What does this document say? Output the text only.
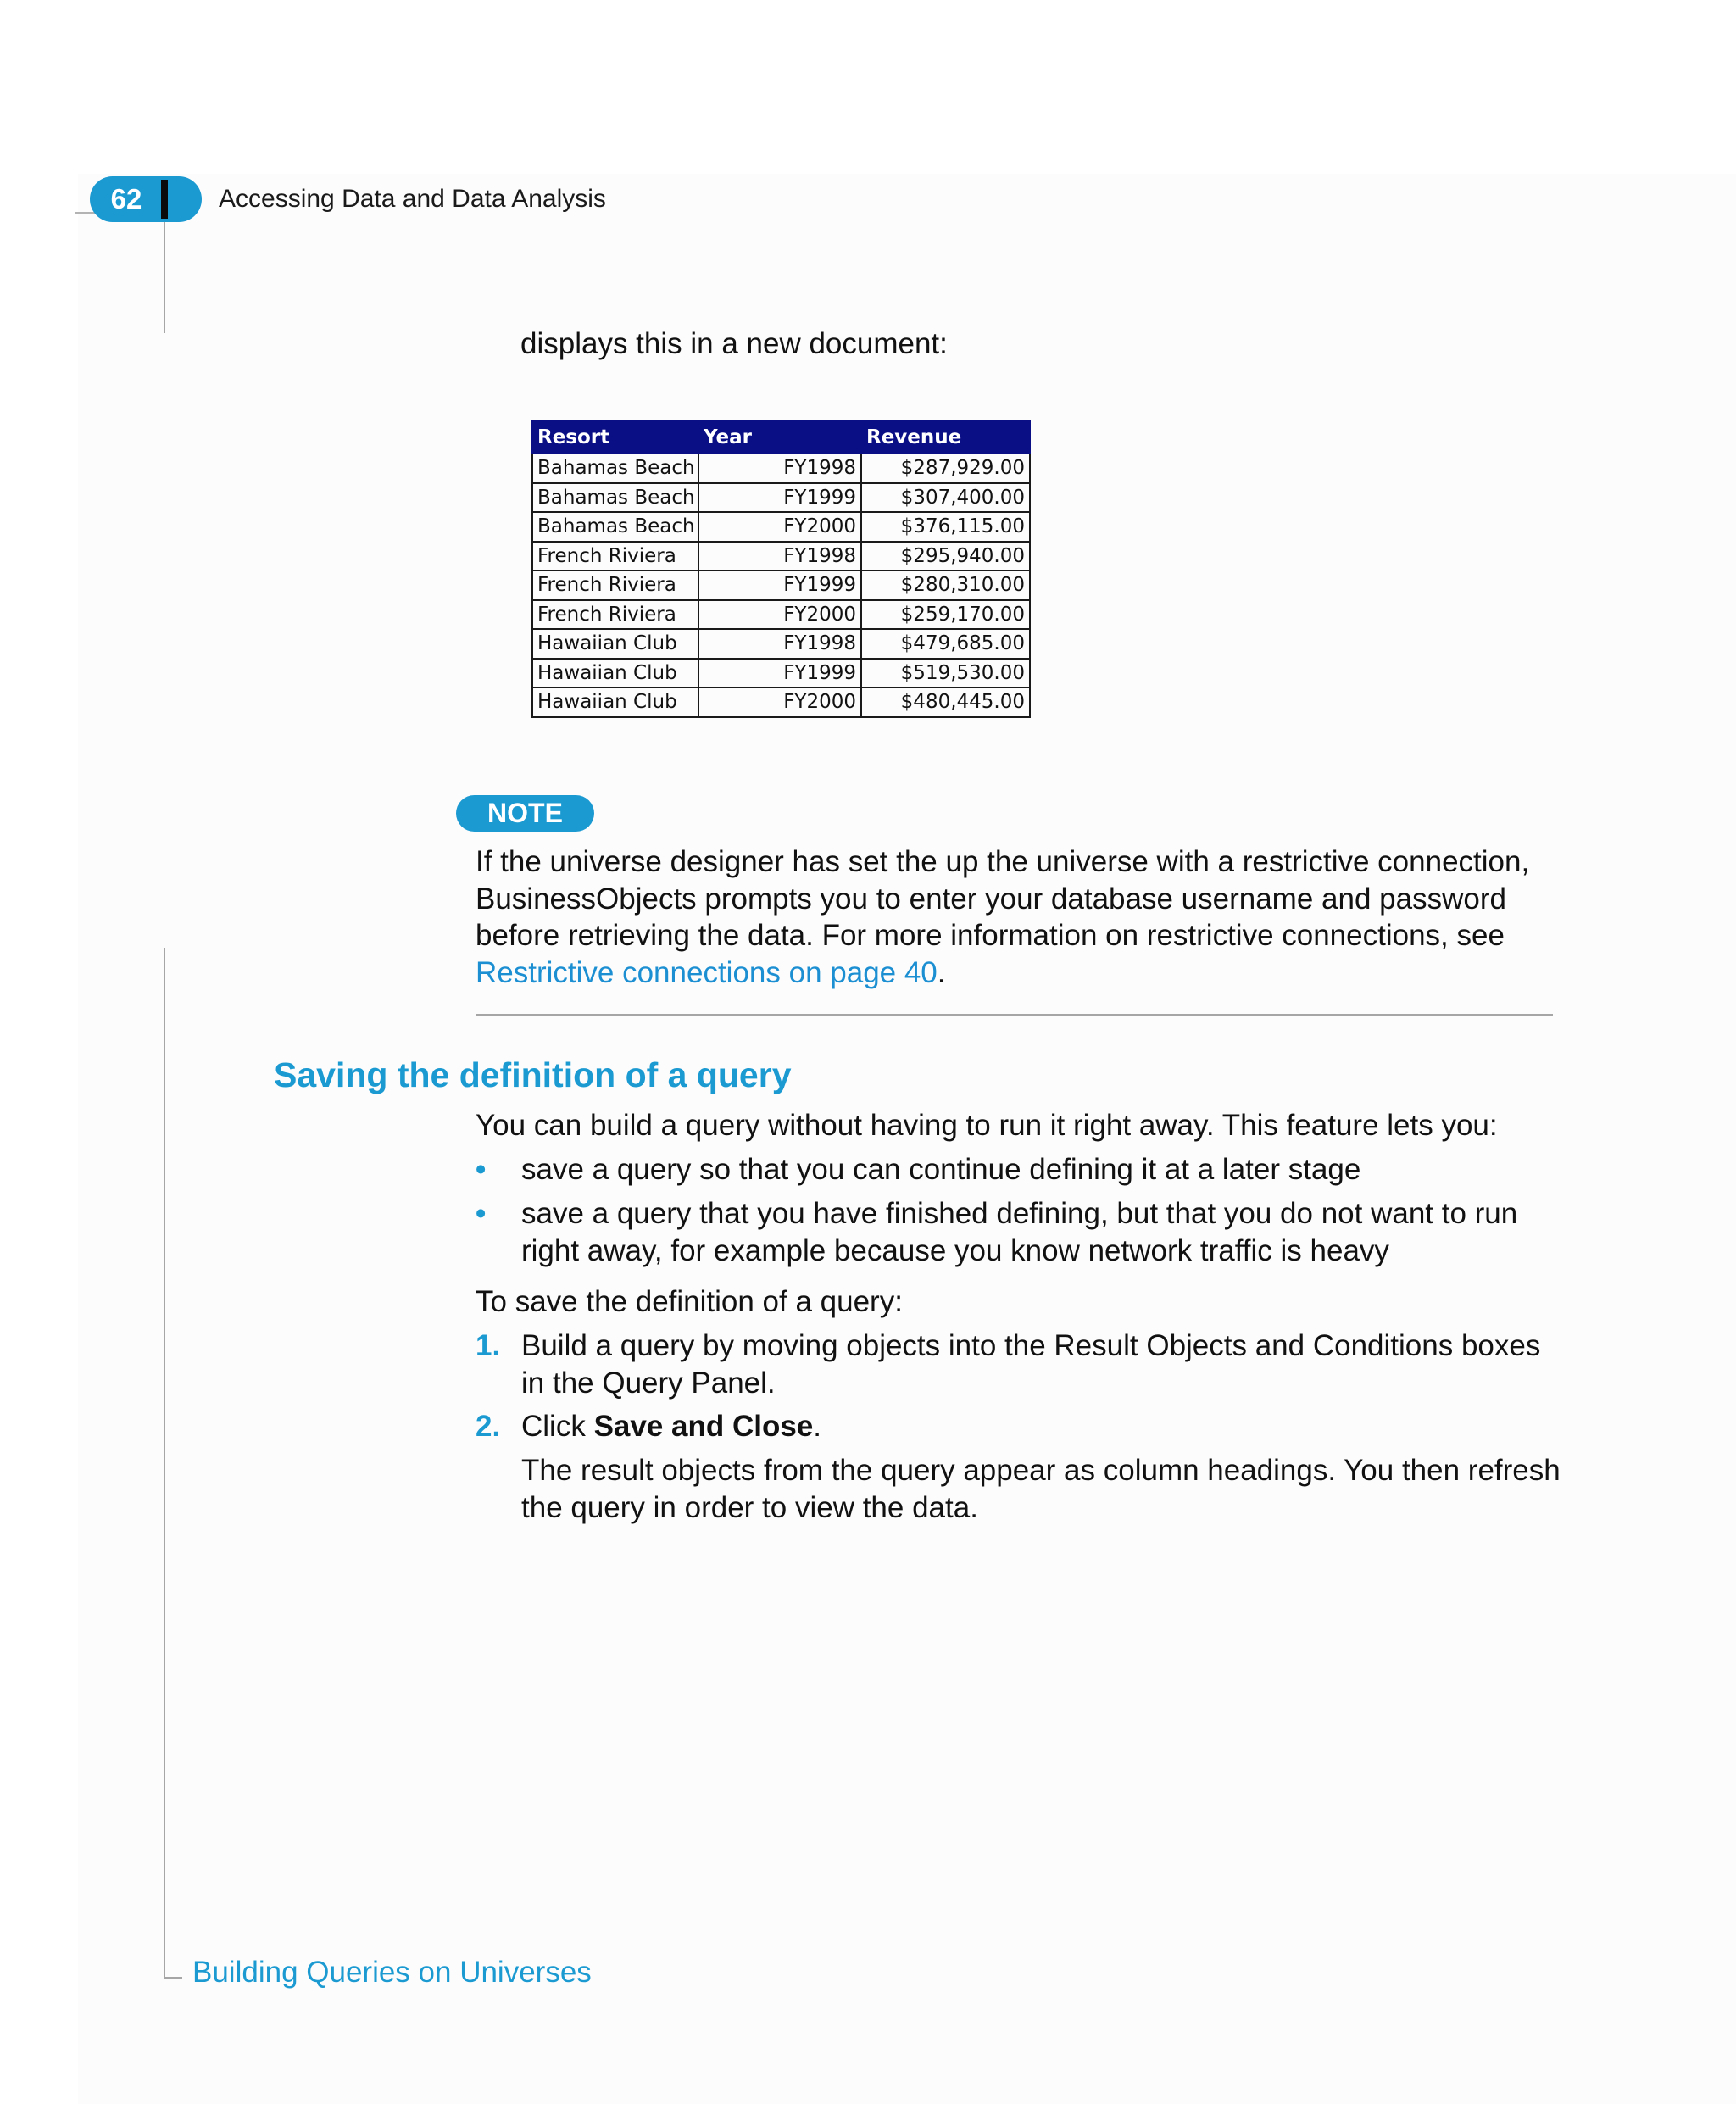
62	Accessing Data and Data Analysis
displays this in a new document:
Resort	Year	Revenue
Bahamas Beach	FY1998	$287,929.00
Bahamas Beach	FY1999	$307,400.00
Bahamas Beach	FY2000	$376,115.00
French Riviera	FY1998	$295,940.00
French Riviera	FY1999	$280,310.00
French Riviera	FY2000	$259,170.00
Hawaiian Club	FY1998	$479,685.00
Hawaiian Club	FY1999	$519,530.00
Hawaiian Club	FY2000	$480,445.00
NOTE
If the universe designer has set the up the universe with a restrictive connection, BusinessObjects prompts you to enter your database username and password before retrieving the data. For more information on restrictive connections, see Restrictive connections on page 40.
Saving the definition of a query

You can build a query without having to run it right away. This feature lets you:

• save a query so that you can continue defining it at a later stage
• save a query that you have finished defining, but that you do not want to run right away, for example because you know network traffic is heavy

To save the definition of a query:

1. Build a query by moving objects into the Result Objects and Conditions boxes in the Query Panel.
2. Click Save and Close.
The result objects from the query appear as column headings. You then refresh the query in order to view the data.
Building Queries on Universes
